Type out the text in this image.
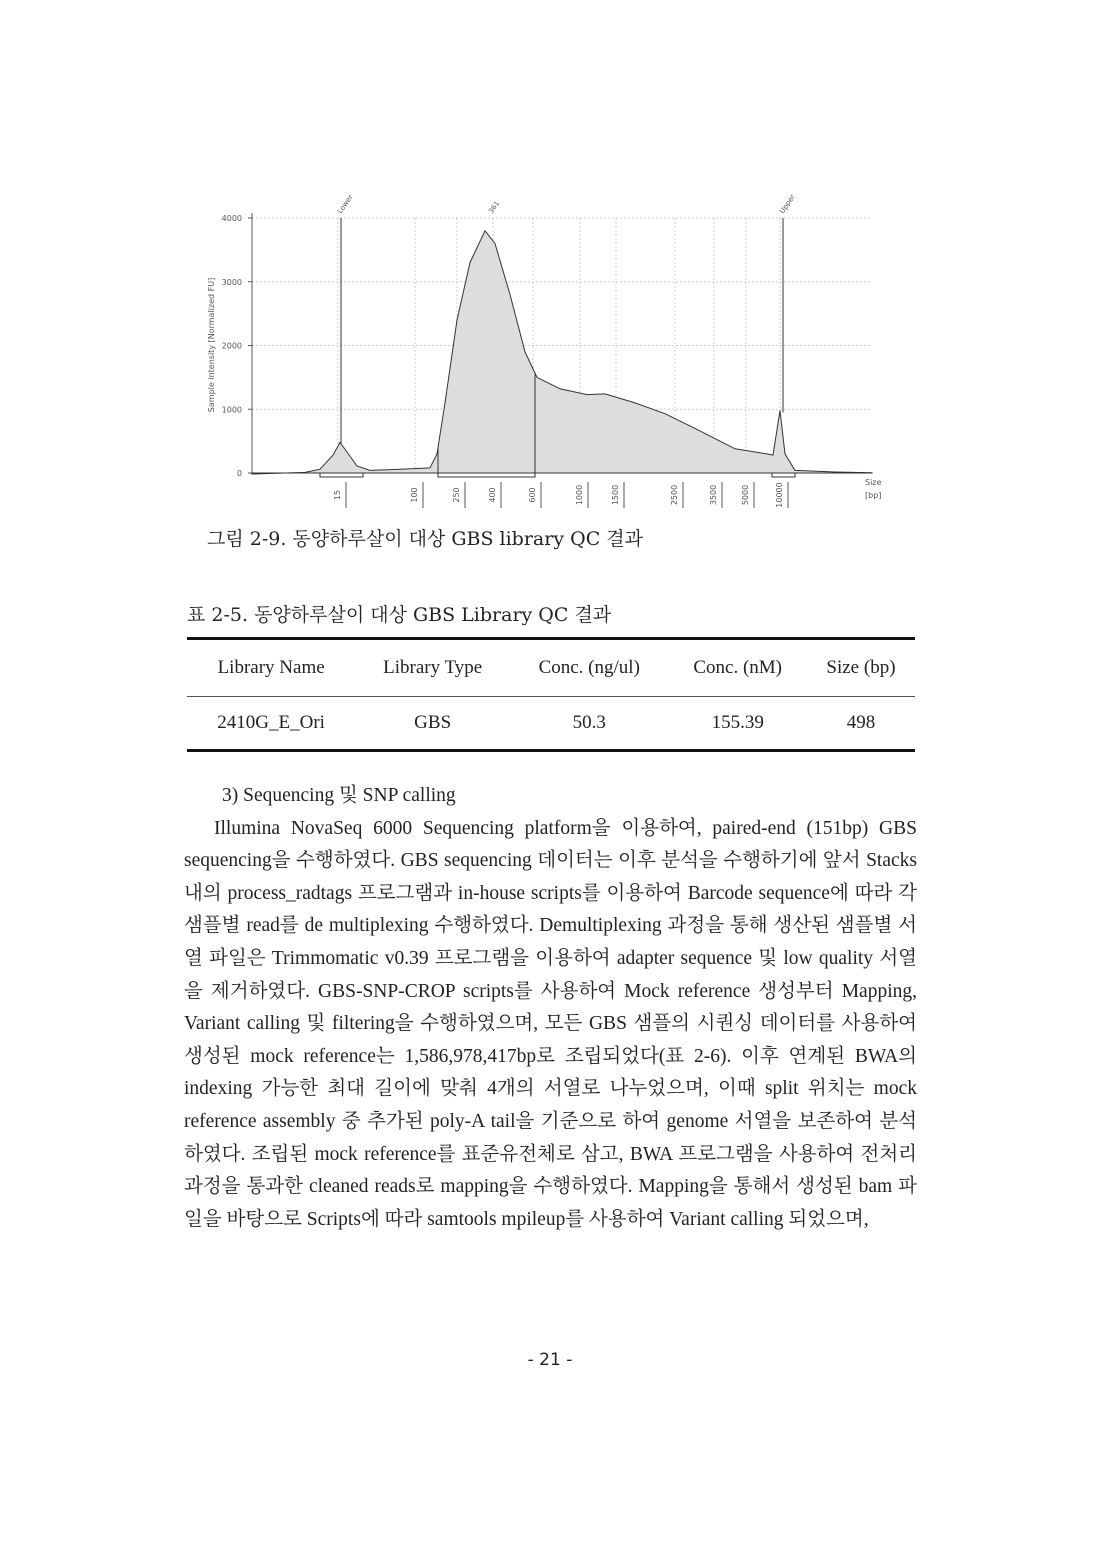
4000
3000
2000
1000
0
Sample intensity [Normalized FU]
Lower	361	Upper
15	100	250	400	600	1000	1500	2500	3500	5000	10000	Size
[bp]
그림 2-9. 동양하루살이 대상 GBS library QC 결과
표 2-5. 동양하루살이 대상 GBS Library QC 결과
Library Name	Library Type	Conc. (ng/ul)	Conc. (nM)	Size (bp)
2410G_E_Ori	GBS	50.3	155.39	498
3) Sequencing 및 SNP calling

Illumina NovaSeq 6000 Sequencing platform을 이용하여, paired-end (151bp) GBS sequencing을 수행하였다. GBS sequencing 데이터는 이후 분석을 수행하기에 앞서 Stacks 내의 process_radtags 프로그램과 in-house scripts를 이용하여 Barcode sequence에 따라 각 샘플별 read를 de multiplexing 수행하였다. Demultiplexing 과정을 통해 생산된 샘플별 서열 파일은 Trimmomatic v0.39 프로그램을 이용하여 adapter sequence 및 low quality 서열을 제거하였다. GBS-SNP-CROP scripts를 사용하여 Mock reference 생성부터 Mapping, Variant calling 및 filtering을 수행하였으며, 모든 GBS 샘플의 시퀀싱 데이터를 사용하여 생성된 mock reference는 1,586,978,417bp로 조립되었다(표 2-6). 이후 연계된 BWA의 indexing 가능한 최대 길이에 맞춰 4개의 서열로 나누었으며, 이때 split 위치는 mock reference assembly 중 추가된 poly-A tail을 기준으로 하여 genome 서열을 보존하여 분석하였다. 조립된 mock reference를 표준유전체로 삼고, BWA 프로그램을 사용하여 전처리 과정을 통과한 cleaned reads로 mapping을 수행하였다. Mapping을 통해서 생성된 bam 파일을 바탕으로 Scripts에 따라 samtools mpileup를 사용하여 Variant calling 되었으며,

- 21 -
